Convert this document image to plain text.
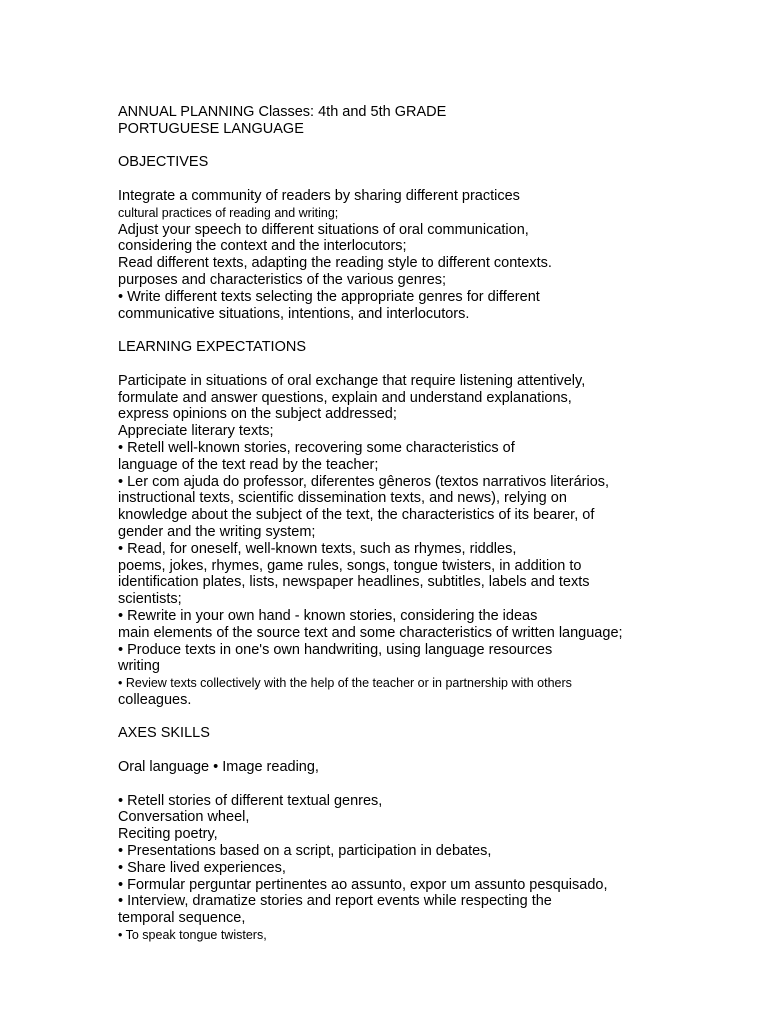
ANNUAL PLANNING Classes: 4th and 5th GRADE
PORTUGUESE LANGUAGE
OBJECTIVES
Integrate a community of readers by sharing different practices
cultural practices of reading and writing;
Adjust your speech to different situations of oral communication,
considering the context and the interlocutors;
Read different texts, adapting the reading style to different contexts.
purposes and characteristics of the various genres;
• Write different texts selecting the appropriate genres for different
communicative situations, intentions, and interlocutors.
LEARNING EXPECTATIONS
Participate in situations of oral exchange that require listening attentively,
formulate and answer questions, explain and understand explanations,
express opinions on the subject addressed;
Appreciate literary texts;
• Retell well-known stories, recovering some characteristics of
language of the text read by the teacher;
• Ler com ajuda do professor, diferentes gêneros (textos narrativos literários,
instructional texts, scientific dissemination texts, and news), relying on
knowledge about the subject of the text, the characteristics of its bearer, of
gender and the writing system;
• Read, for oneself, well-known texts, such as rhymes, riddles,
poems, jokes, rhymes, game rules, songs, tongue twisters, in addition to
identification plates, lists, newspaper headlines, subtitles, labels and texts
scientists;
• Rewrite in your own hand - known stories, considering the ideas
main elements of the source text and some characteristics of written language;
• Produce texts in one's own handwriting, using language resources
writing
• Review texts collectively with the help of the teacher or in partnership with others
colleagues.
AXES SKILLS
Oral language • Image reading,
• Retell stories of different textual genres,
Conversation wheel,
Reciting poetry,
• Presentations based on a script, participation in debates,
• Share lived experiences,
• Formular perguntar pertinentes ao assunto, expor um assunto pesquisado,
• Interview, dramatize stories and report events while respecting the
temporal sequence,
• To speak tongue twisters,
